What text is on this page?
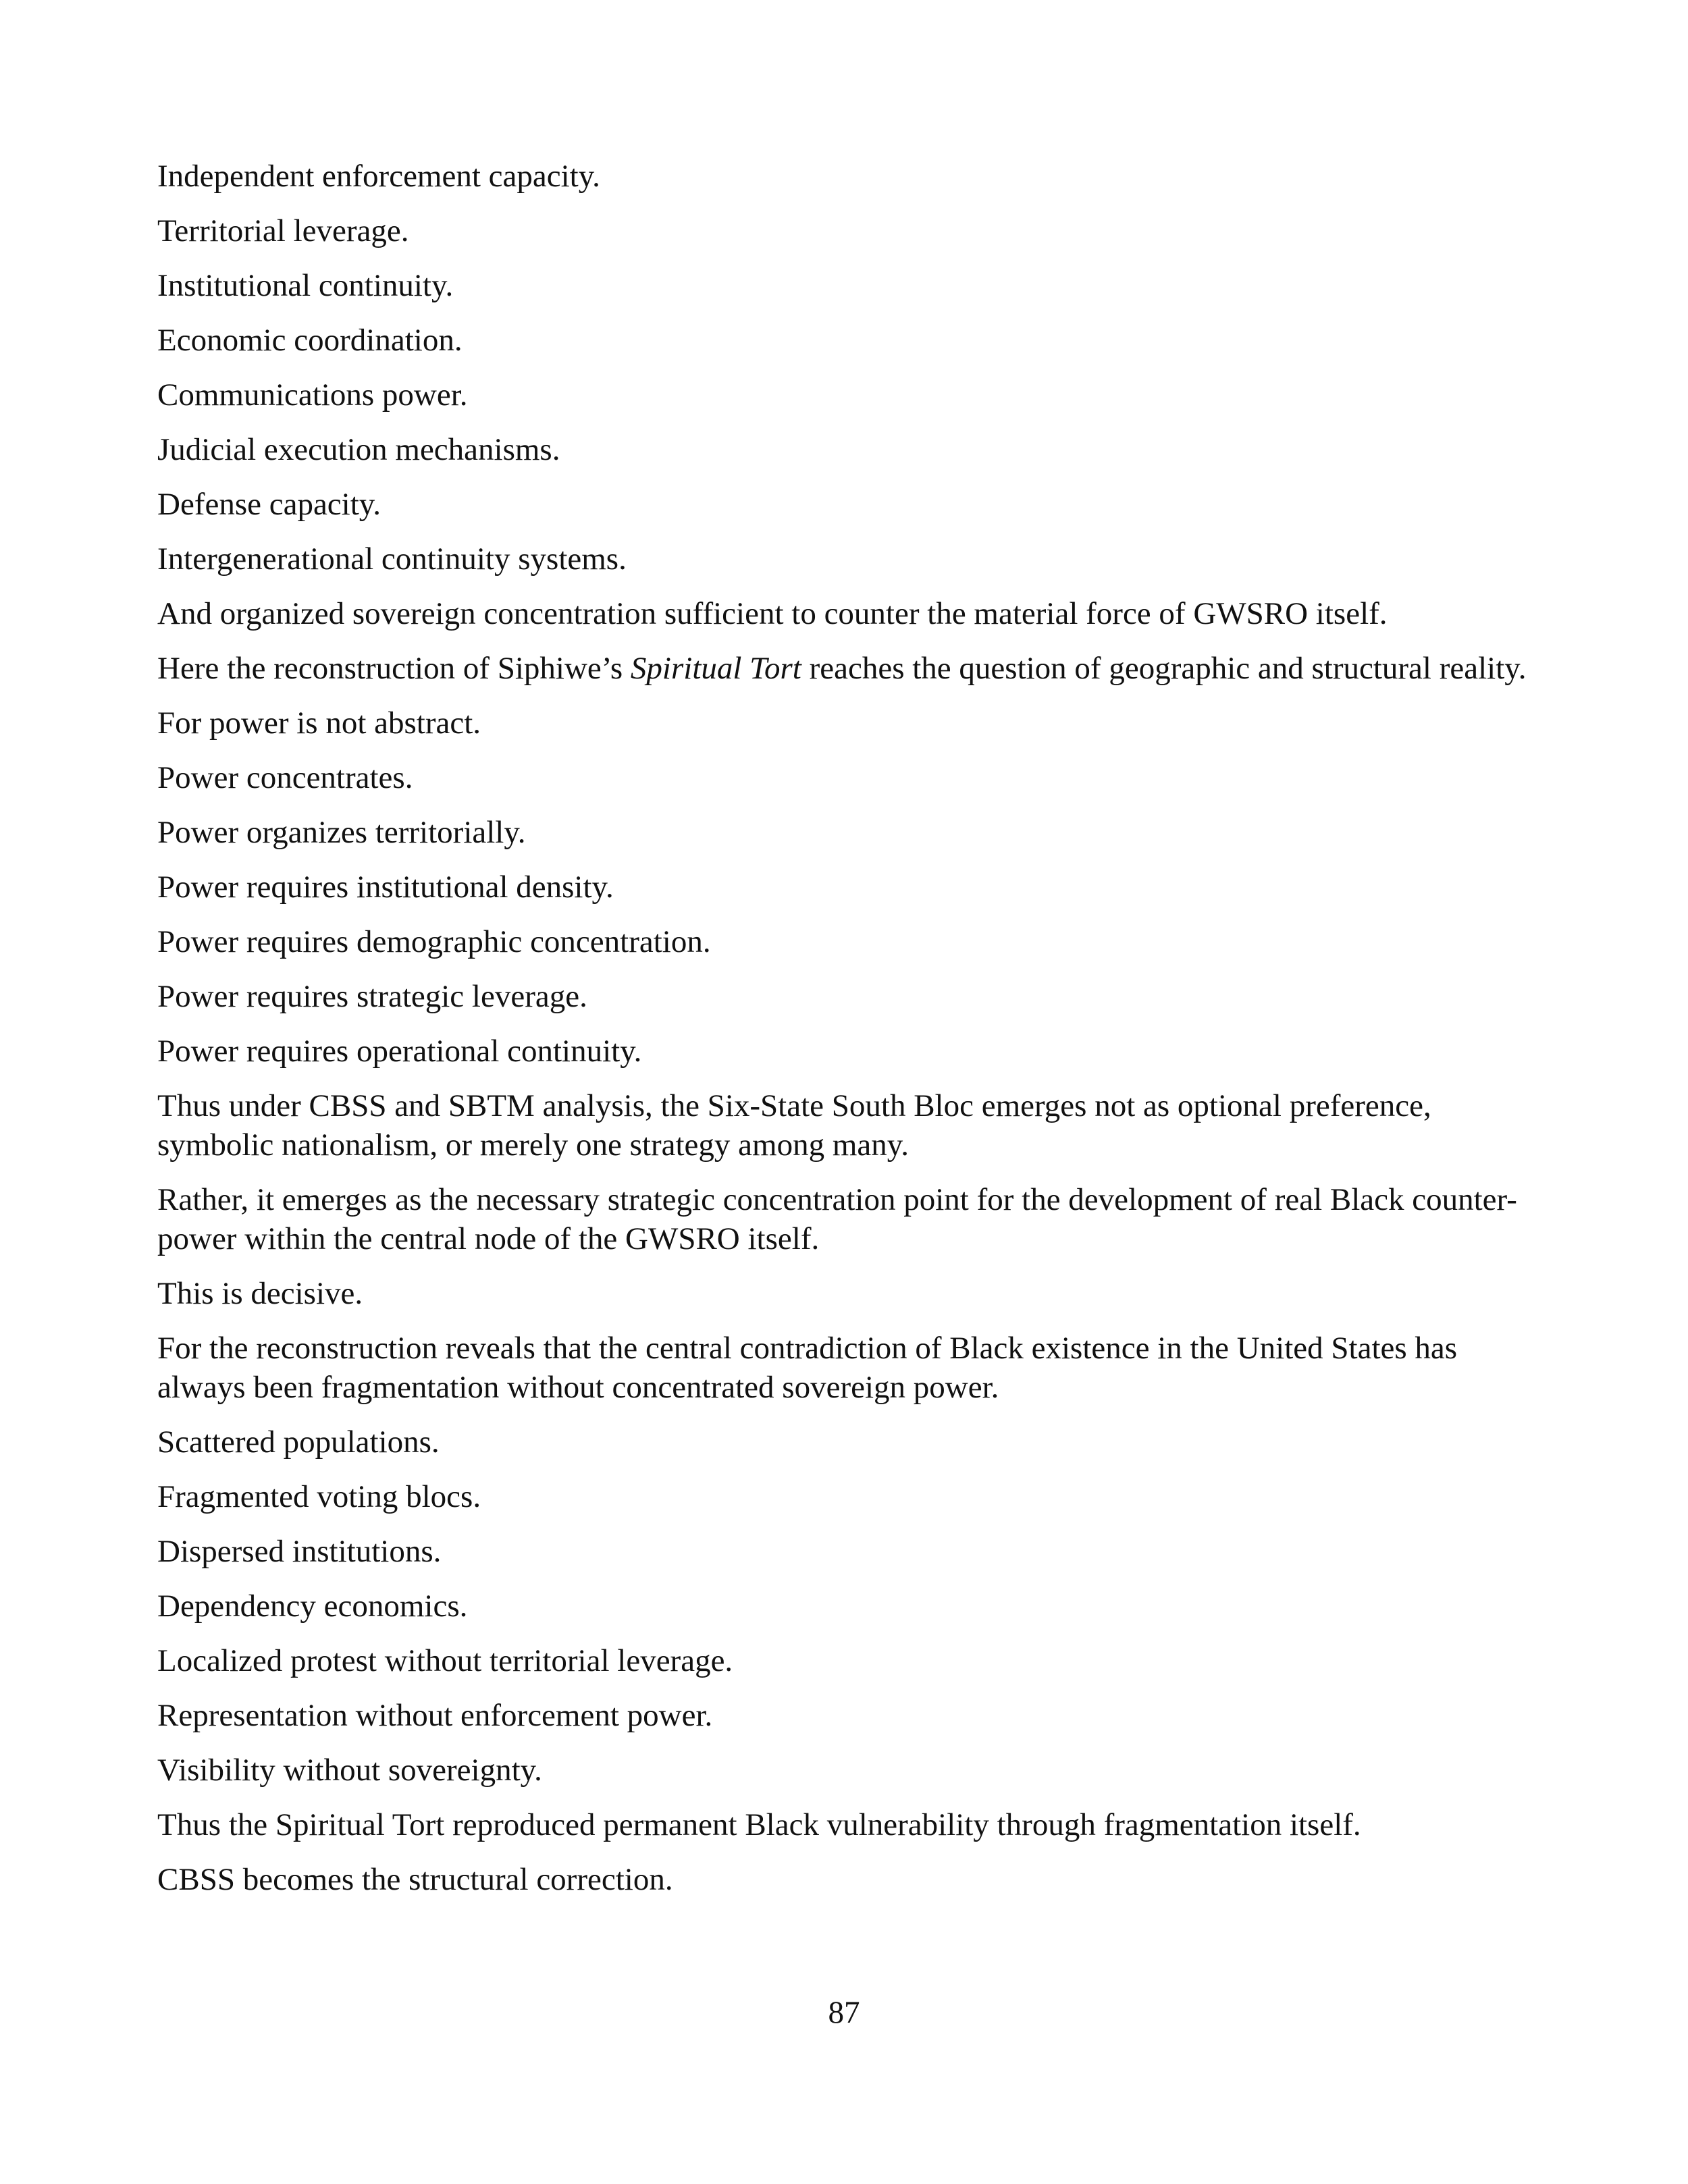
Independent enforcement capacity.

Territorial leverage.

Institutional continuity.

Economic coordination.

Communications power.

Judicial execution mechanisms.

Defense capacity.

Intergenerational continuity systems.

And organized sovereign concentration sufficient to counter the material force of GWSRO itself.

Here the reconstruction of Siphiwe’s Spiritual Tort reaches the question of geographic and structural reality.

For power is not abstract.

Power concentrates.

Power organizes territorially.

Power requires institutional density.

Power requires demographic concentration.

Power requires strategic leverage.

Power requires operational continuity.

Thus under CBSS and SBTM analysis, the Six-State South Bloc emerges not as optional preference, symbolic nationalism, or merely one strategy among many.

Rather, it emerges as the necessary strategic concentration point for the development of real Black counter-power within the central node of the GWSRO itself.

This is decisive.

For the reconstruction reveals that the central contradiction of Black existence in the United States has always been fragmentation without concentrated sovereign power.

Scattered populations.

Fragmented voting blocs.

Dispersed institutions.

Dependency economics.

Localized protest without territorial leverage.

Representation without enforcement power.

Visibility without sovereignty.

Thus the Spiritual Tort reproduced permanent Black vulnerability through fragmentation itself.

CBSS becomes the structural correction.

87
